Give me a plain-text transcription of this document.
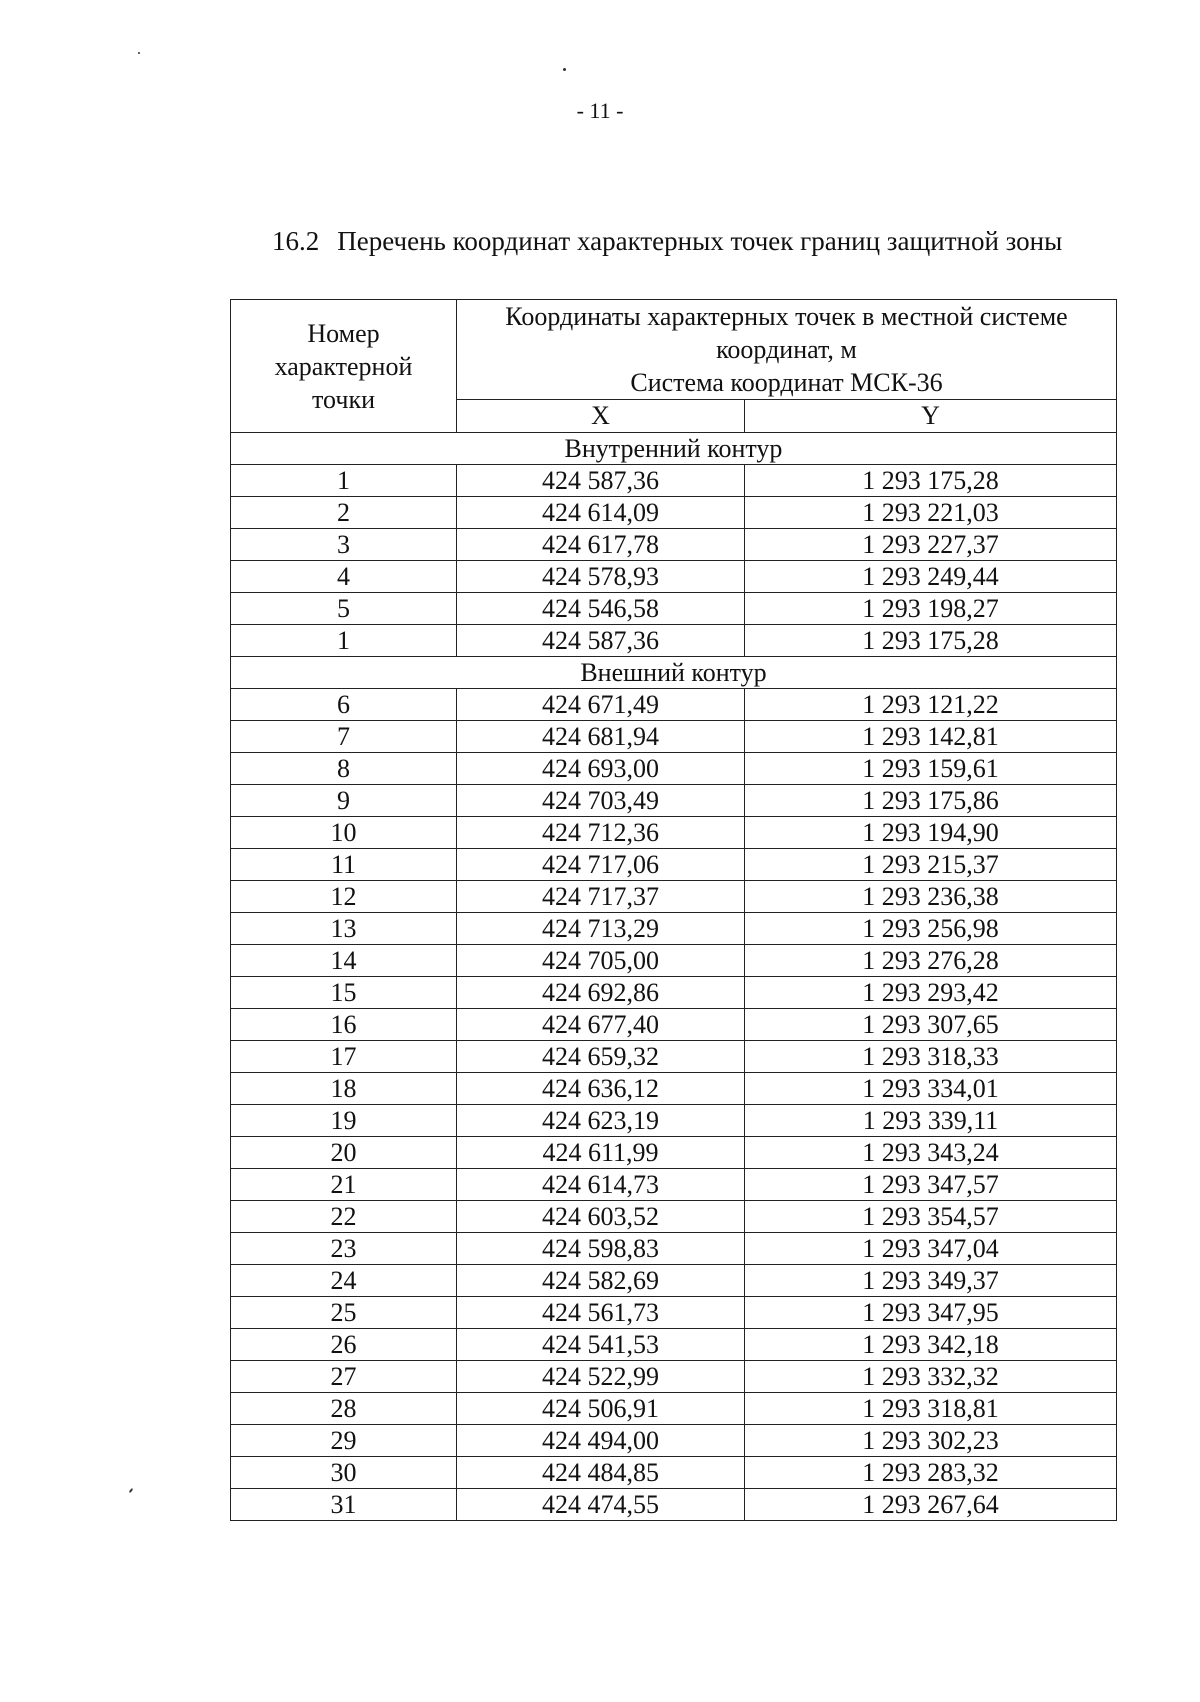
- 11 -
16.2 Перечень координат характерных точек границ защитной зоны
Номер
характерной
точки	Координаты характерных точек в местной системе
координат, м
Система координат МСК-36	

	X	Y
Внутренний контур		
1	424 587,36	1 293 175,28
2	424 614,09	1 293 221,03
3	424 617,78	1 293 227,37
4	424 578,93	1 293 249,44
5	424 546,58	1 293 198,27
1	424 587,36	1 293 175,28
Внешний контур		
6	424 671,49	1 293 121,22
7	424 681,94	1 293 142,81
8	424 693,00	1 293 159,61
9	424 703,49	1 293 175,86
10	424 712,36	1 293 194,90
11	424 717,06	1 293 215,37
12	424 717,37	1 293 236,38
13	424 713,29	1 293 256,98
14	424 705,00	1 293 276,28
15	424 692,86	1 293 293,42
16	424 677,40	1 293 307,65
17	424 659,32	1 293 318,33
18	424 636,12	1 293 334,01
19	424 623,19	1 293 339,11
20	424 611,99	1 293 343,24
21	424 614,73	1 293 347,57
22	424 603,52	1 293 354,57
23	424 598,83	1 293 347,04
24	424 582,69	1 293 349,37
25	424 561,73	1 293 347,95
26	424 541,53	1 293 342,18
27	424 522,99	1 293 332,32
28	424 506,91	1 293 318,81
29	424 494,00	1 293 302,23
30	424 484,85	1 293 283,32
31	424 474,55	1 293 267,64
